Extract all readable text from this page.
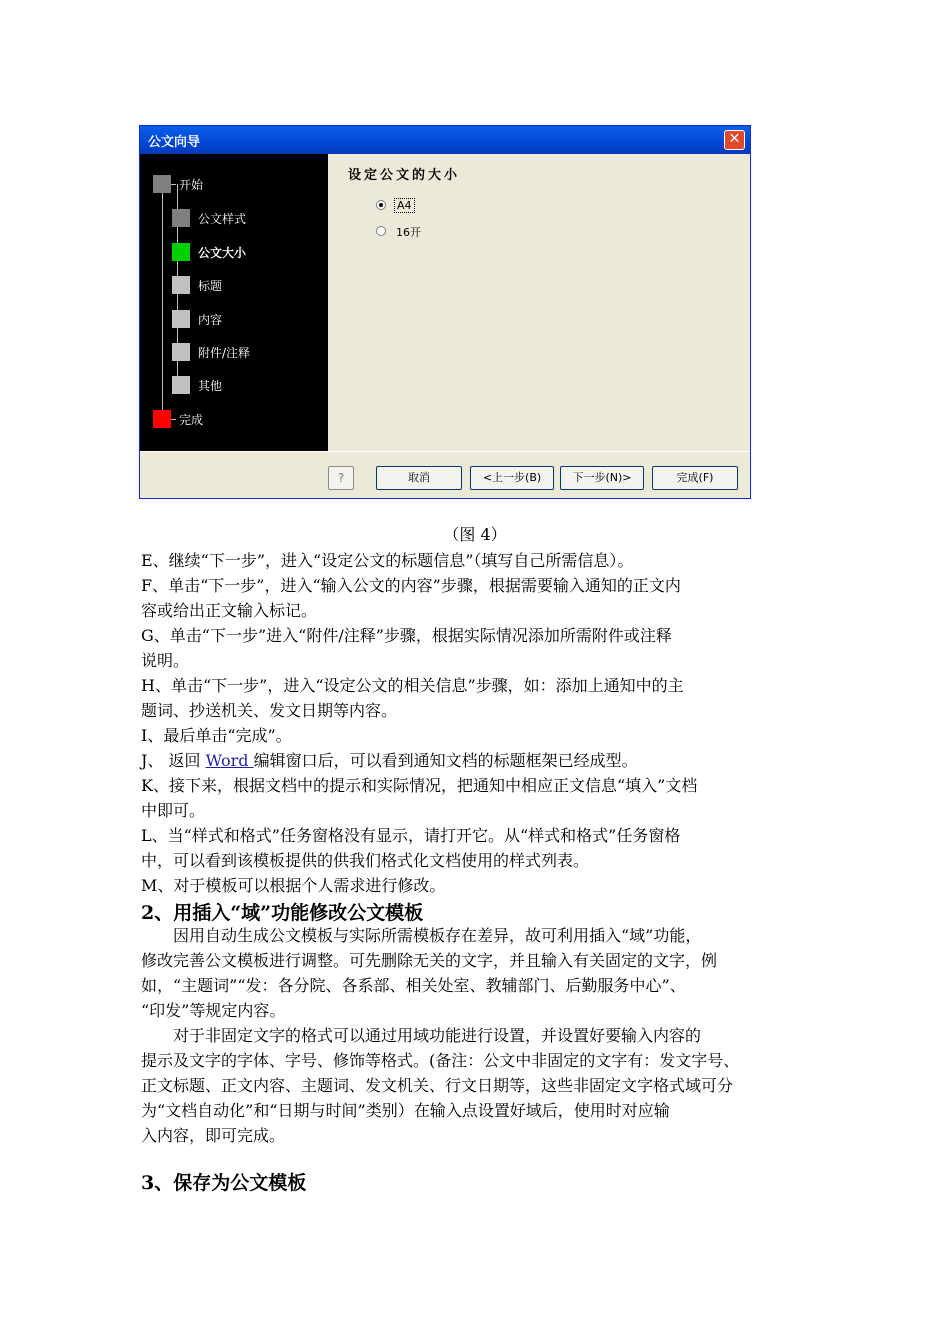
公文向导	✕
开始
公文样式
公文大小
标题
内容
附件/注释
其他
完成
设定公文的大小
A4
16开
?	取消	<上一步(B)	下一步(N)>	完成(F)
（图 4）
E、继续“下一步”，进入“设定公文的标题信息”（填写自己所需信息）。
F、单击“下一步”，进入“输入公文的内容”步骤，根据需要输入通知的正文内
容或给出正文输入标记。
G、单击“下一步”进入“附件/注释”步骤，根据实际情况添加所需附件或注释
说明。
H、单击“下一步”，进入“设定公文的相关信息”步骤，如：添加上通知中的主
题词、抄送机关、发文日期等内容。
I、最后单击“完成”。
J、 返回 Word 编辑窗口后，可以看到通知文档的标题框架已经成型。
K、接下来，根据文档中的提示和实际情况，把通知中相应正文信息“填入”文档
中即可。
L、当“样式和格式”任务窗格没有显示，请打开它。从“样式和格式”任务窗格
中，可以看到该模板提供的供我们格式化文档使用的样式列表。
M、对于模板可以根据个人需求进行修改。
2、用插入“域”功能修改公文模板
　　因用自动生成公文模板与实际所需模板存在差异，故可利用插入“域”功能，
修改完善公文模板进行调整。可先删除无关的文字，并且输入有关固定的文字，例
如，“主题词”“发：各分院、各系部、相关处室、教辅部门、后勤服务中心”、
“印发”等规定内容。
　　对于非固定文字的格式可以通过用域功能进行设置，并设置好要输入内容的
提示及文字的字体、字号、修饰等格式。(备注：公文中非固定的文字有：发文字号、
正文标题、正文内容、主题词、发文机关、行文日期等，这些非固定文字格式域可分
为“文档自动化”和“日期与时间”类别）在输入点设置好域后，使用时对应输
入内容，即可完成。
3、保存为公文模板
